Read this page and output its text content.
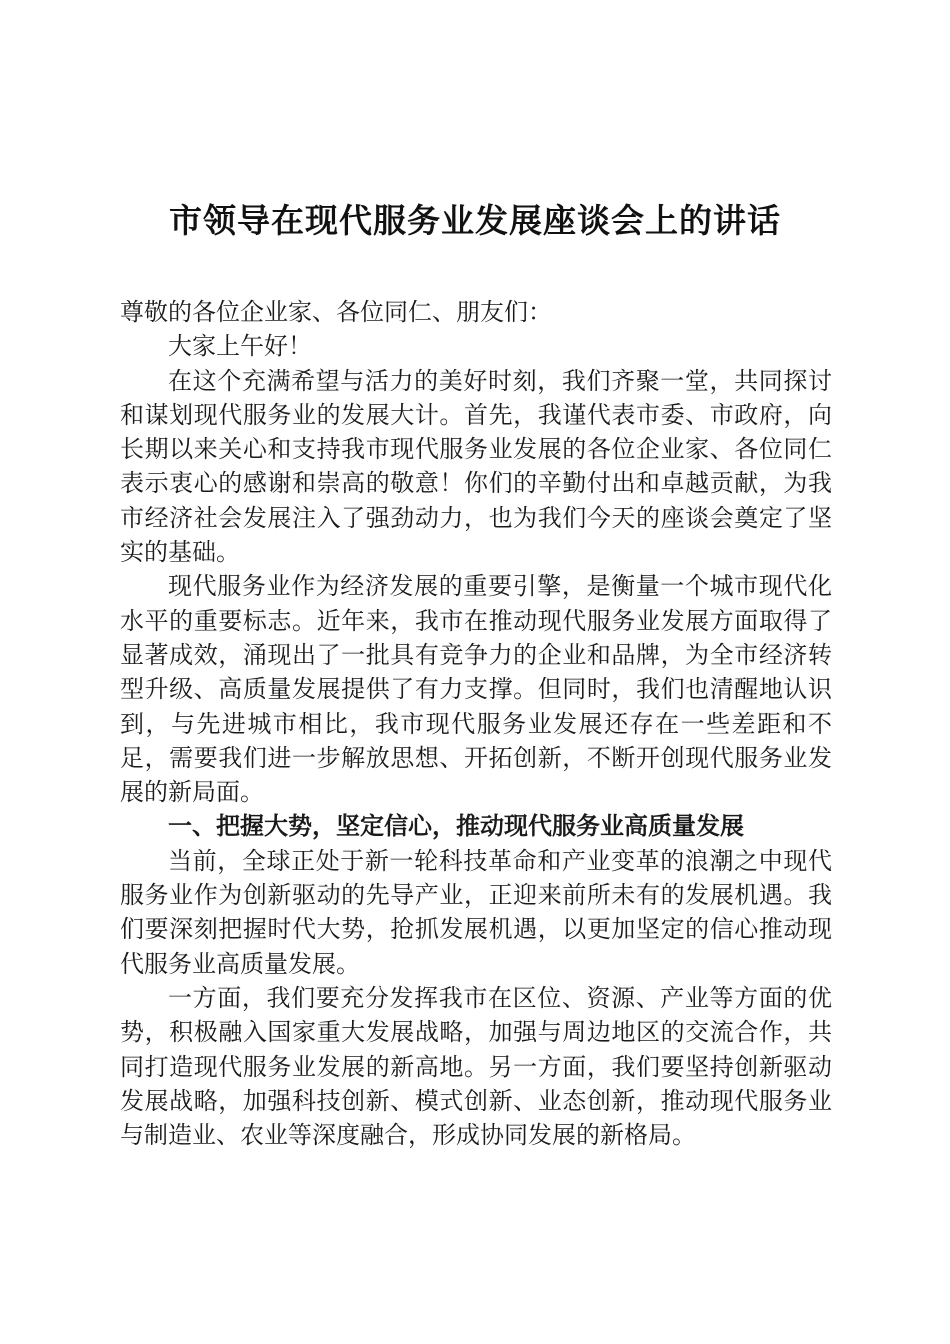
市领导在现代服务业发展座谈会上的讲话

尊敬的各位企业家、各位同仁、朋友们：

大家上午好！

在这个充满希望与活力的美好时刻，我们齐聚一堂，共同探讨和谋划现代服务业的发展大计。首先，我谨代表市委、市政府，向长期以来关心和支持我市现代服务业发展的各位企业家、各位同仁表示衷心的感谢和崇高的敬意！你们的辛勤付出和卓越贡献，为我市经济社会发展注入了强劲动力，也为我们今天的座谈会奠定了坚实的基础。

现代服务业作为经济发展的重要引擎，是衡量一个城市现代化水平的重要标志。近年来，我市在推动现代服务业发展方面取得了显著成效，涌现出了一批具有竞争力的企业和品牌，为全市经济转型升级、高质量发展提供了有力支撑。但同时，我们也清醒地认识到，与先进城市相比，我市现代服务业发展还存在一些差距和不足，需要我们进一步解放思想、开拓创新，不断开创现代服务业发展的新局面。

一、把握大势，坚定信心，推动现代服务业高质量发展

当前，全球正处于新一轮科技革命和产业变革的浪潮之中现代服务业作为创新驱动的先导产业，正迎来前所未有的发展机遇。我们要深刻把握时代大势，抢抓发展机遇，以更加坚定的信心推动现代服务业高质量发展。

一方面，我们要充分发挥我市在区位、资源、产业等方面的优势，积极融入国家重大发展战略，加强与周边地区的交流合作，共同打造现代服务业发展的新高地。另一方面，我们要坚持创新驱动发展战略，加强科技创新、模式创新、业态创新，推动现代服务业与制造业、农业等深度融合，形成协同发展的新格局。
